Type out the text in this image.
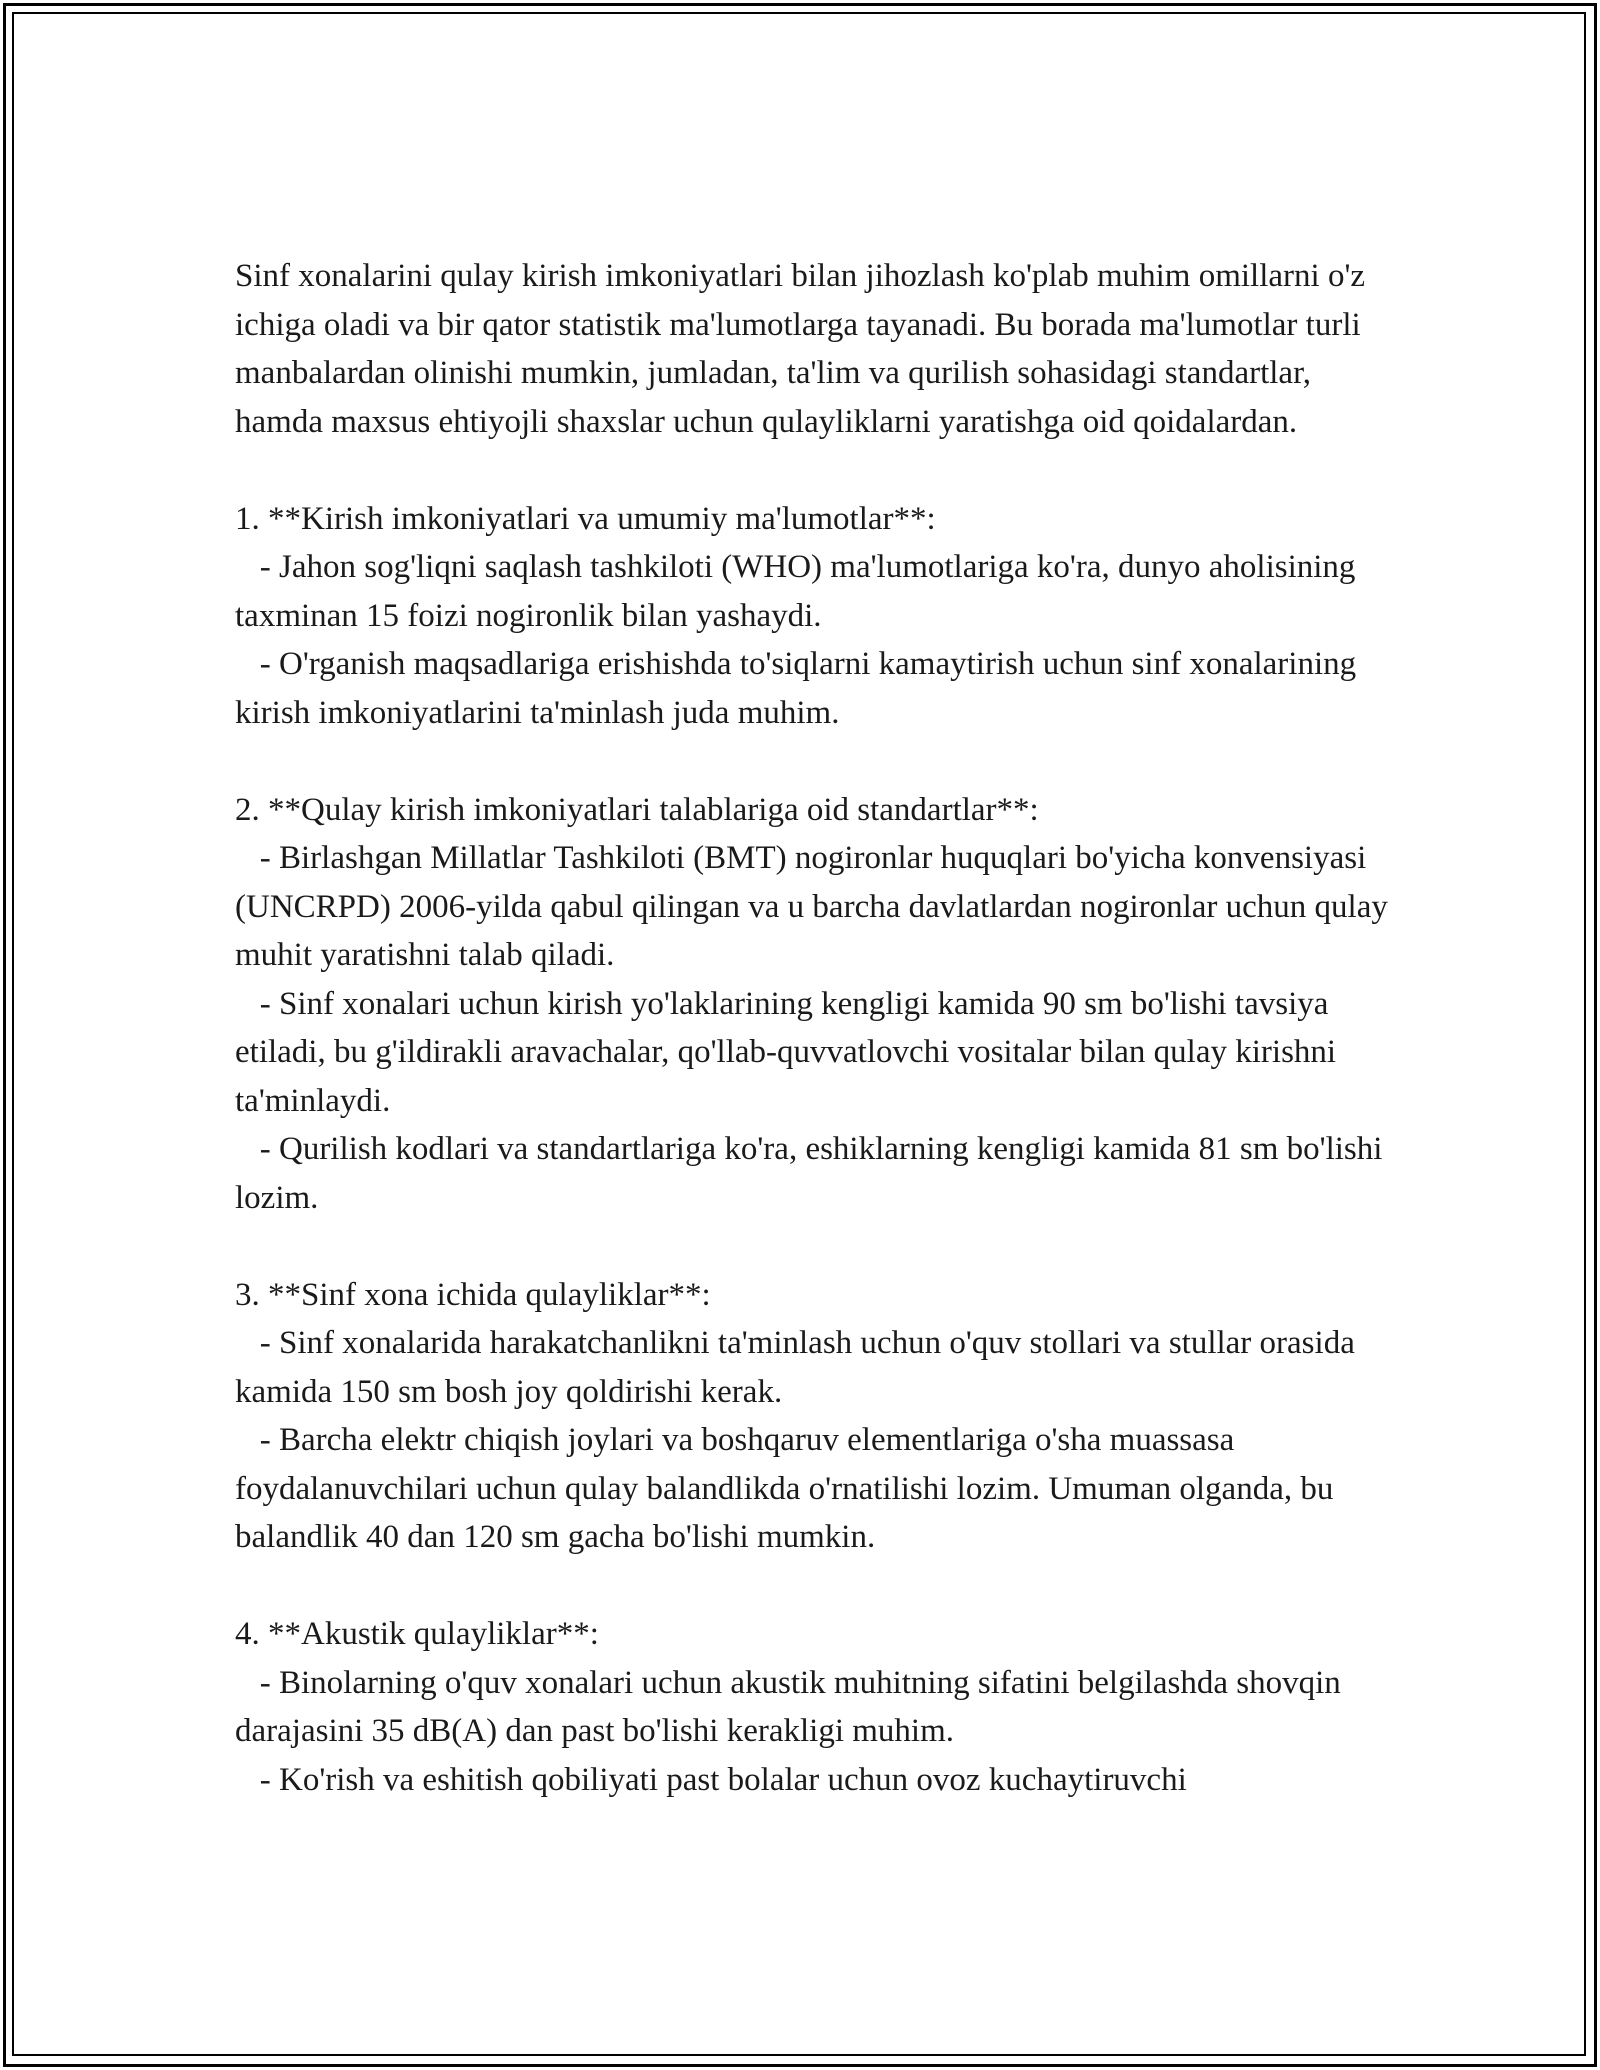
Sinf xonalarini qulay kirish imkoniyatlari bilan jihozlash ko'plab muhim omillarni o'z ichiga oladi va bir qator statistik ma'lumotlarga tayanadi. Bu borada ma'lumotlar turli manbalardan olinishi mumkin, jumladan, ta'lim va qurilish sohasidagi standartlar, hamda maxsus ehtiyojli shaxslar uchun qulayliklarni yaratishga oid qoidalardan.

1. **Kirish imkoniyatlari va umumiy ma'lumotlar**:

- Jahon sog'liqni saqlash tashkiloti (WHO) ma'lumotlariga ko'ra, dunyo aholisining taxminan 15 foizi nogironlik bilan yashaydi.

- O'rganish maqsadlariga erishishda to'siqlarni kamaytirish uchun sinf xonalarining kirish imkoniyatlarini ta'minlash juda muhim.

2. **Qulay kirish imkoniyatlari talablariga oid standartlar**:

- Birlashgan Millatlar Tashkiloti (BMT) nogironlar huquqlari bo'yicha konvensiyasi (UNCRPD) 2006-yilda qabul qilingan va u barcha davlatlardan nogironlar uchun qulay muhit yaratishni talab qiladi.

- Sinf xonalari uchun kirish yo'laklarining kengligi kamida 90 sm bo'lishi tavsiya etiladi, bu g'ildirakli aravachalar, qo'llab-quvvatlovchi vositalar bilan qulay kirishni ta'minlaydi.

- Qurilish kodlari va standartlariga ko'ra, eshiklarning kengligi kamida 81 sm bo'lishi lozim.

3. **Sinf xona ichida qulayliklar**:

- Sinf xonalarida harakatchanlikni ta'minlash uchun o'quv stollari va stullar orasida kamida 150 sm bosh joy qoldirishi kerak.

- Barcha elektr chiqish joylari va boshqaruv elementlariga o'sha muassasa foydalanuvchilari uchun qulay balandlikda o'rnatilishi lozim. Umuman olganda, bu balandlik 40 dan 120 sm gacha bo'lishi mumkin.

4. **Akustik qulayliklar**:

- Binolarning o'quv xonalari uchun akustik muhitning sifatini belgilashda shovqin darajasini 35 dB(A) dan past bo'lishi kerakligi muhim.

- Ko'rish va eshitish qobiliyati past bolalar uchun ovoz kuchaytiruvchi
